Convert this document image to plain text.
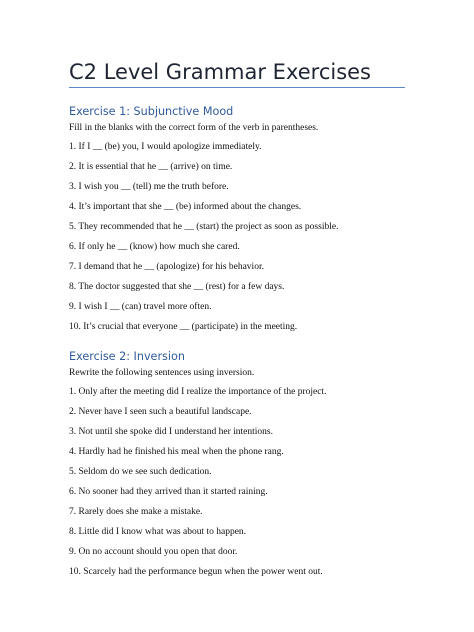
C2 Level Grammar Exercises
Exercise 1: Subjunctive Mood

Fill in the blanks with the correct form of the verb in parentheses.

1. If I __ (be) you, I would apologize immediately.
2. It is essential that he __ (arrive) on time.
3. I wish you __ (tell) me the truth before.
4. It’s important that she __ (be) informed about the changes.
5. They recommended that he __ (start) the project as soon as possible.
6. If only he __ (know) how much she cared.
7. I demand that he __ (apologize) for his behavior.
8. The doctor suggested that she __ (rest) for a few days.
9. I wish I __ (can) travel more often.
10. It’s crucial that everyone __ (participate) in the meeting.
Exercise 2: Inversion

Rewrite the following sentences using inversion.

1. Only after the meeting did I realize the importance of the project.
2. Never have I seen such a beautiful landscape.
3. Not until she spoke did I understand her intentions.
4. Hardly had he finished his meal when the phone rang.
5. Seldom do we see such dedication.
6. No sooner had they arrived than it started raining.
7. Rarely does she make a mistake.
8. Little did I know what was about to happen.
9. On no account should you open that door.
10. Scarcely had the performance begun when the power went out.
